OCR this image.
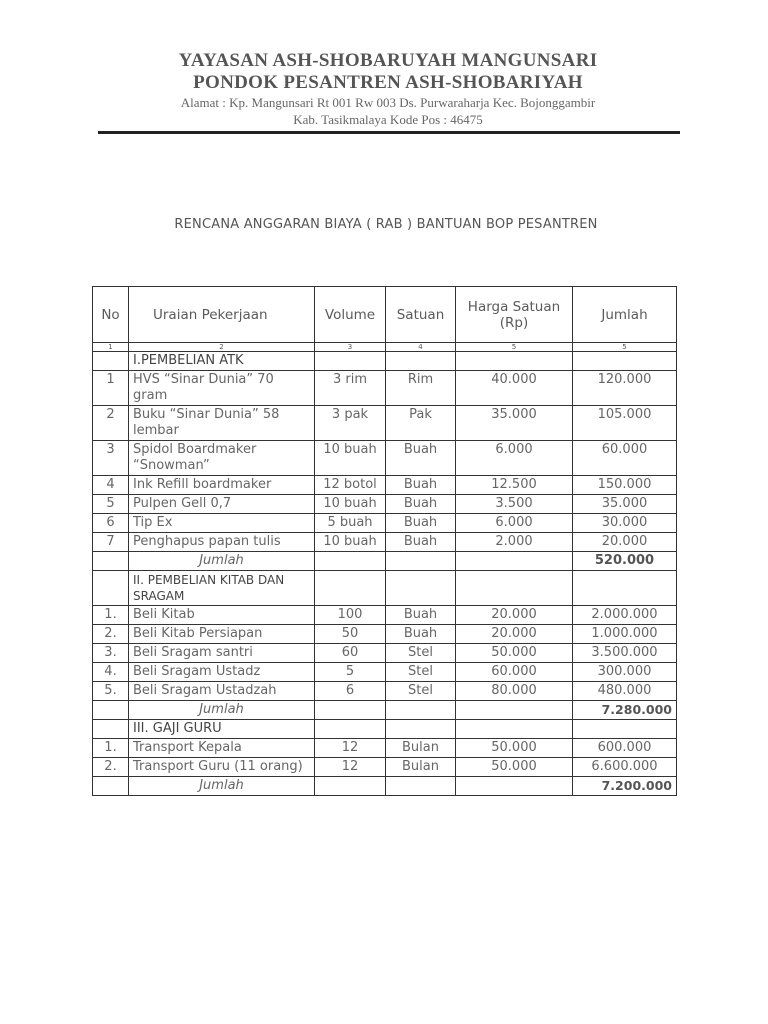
YAYASAN ASH-SHOBARUYAH MANGUNSARI
PONDOK PESANTREN ASH-SHOBARIYAH
Alamat : Kp. Mangunsari Rt 001 Rw 003 Ds. Purwaraharja Kec. Bojonggambir
Kab. Tasikmalaya Kode Pos : 46475
RENCANA ANGGARAN BIAYA ( RAB ) BANTUAN BOP PESANTREN
No	Uraian Pekerjaan	Volume	Satuan	Harga Satuan (Rp)	Jumlah
1	2	3	4	5	5
	I.PEMBELIAN ATK				
1	HVS “Sinar Dunia” 70 gram	3 rim	Rim	40.000	120.000
2	Buku “Sinar Dunia” 58 lembar	3 pak	Pak	35.000	105.000
3	Spidol Boardmaker “Snowman”	10 buah	Buah	6.000	60.000
4	Ink Refill boardmaker	12 botol	Buah	12.500	150.000
5	Pulpen Gell 0,7	10 buah	Buah	3.500	35.000
6	Tip Ex	5 buah	Buah	6.000	30.000
7	Penghapus papan tulis	10 buah	Buah	2.000	20.000
	Jumlah				520.000
	II. PEMBELIAN KITAB DAN SRAGAM				
1.	Beli Kitab	100	Buah	20.000	2.000.000
2.	Beli Kitab Persiapan	50	Buah	20.000	1.000.000
3.	Beli Sragam santri	60	Stel	50.000	3.500.000
4.	Beli Sragam Ustadz	5	Stel	60.000	300.000
5.	Beli Sragam Ustadzah	6	Stel	80.000	480.000
	Jumlah				7.280.000
	III. GAJI GURU				
1.	Transport Kepala	12	Bulan	50.000	600.000
2.	Transport Guru (11 orang)	12	Bulan	50.000	6.600.000
	Jumlah				7.200.000
